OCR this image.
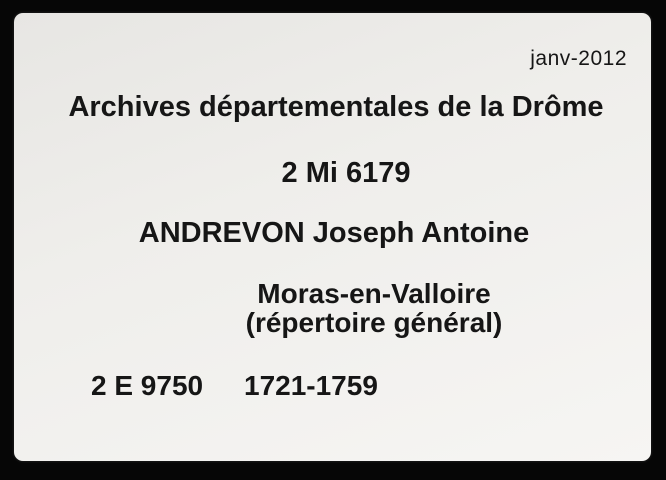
janv-2012
Archives départementales de la Drôme
2 Mi 6179
ANDREVON Joseph Antoine
Moras-en-Valloire
(répertoire général)
2 E 9750 1721-1759
